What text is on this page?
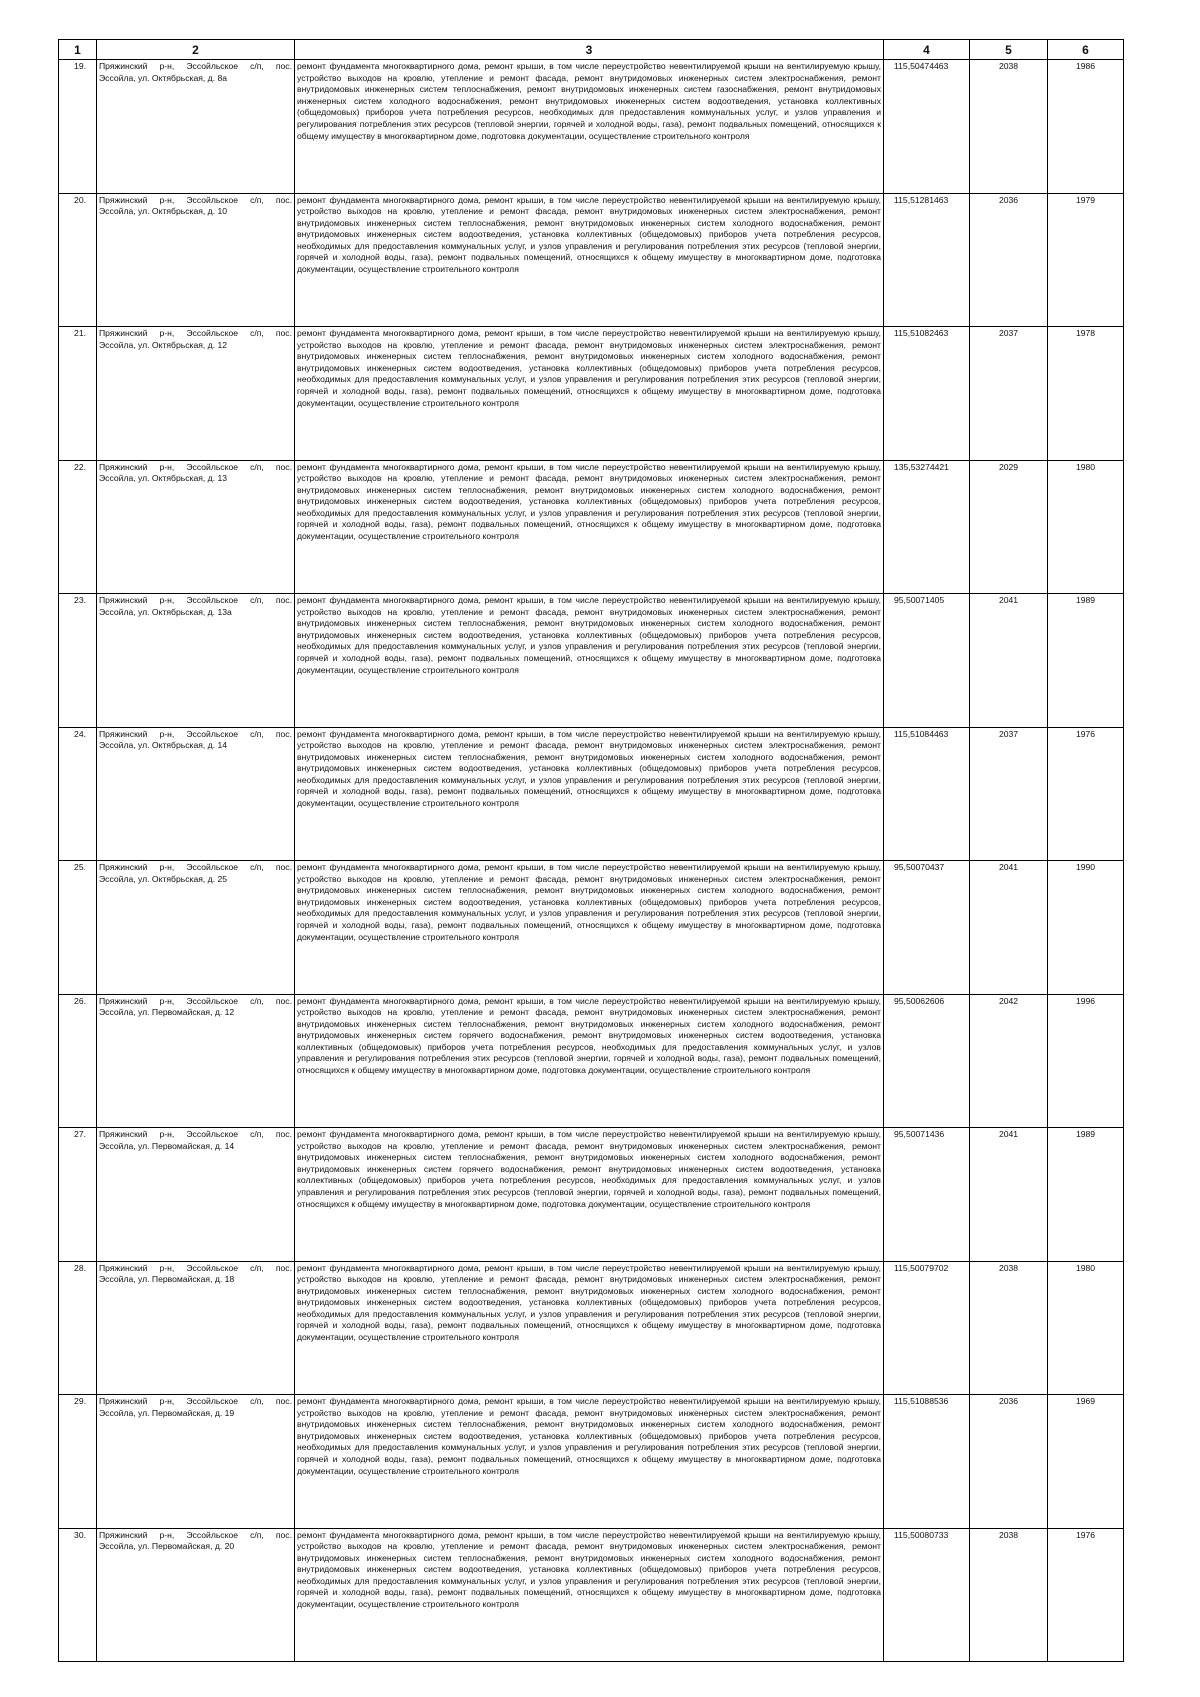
1	2	3	4	5	6
19.	Пряжинский р-н, Эссойльское с/п, пос. Эссойла, ул. Октябрьская, д. 8а	ремонт фундамента многоквартирного дома, ремонт крыши, в том числе переустройство невентилируемой крыши на вентилируемую крышу, устройство выходов на кровлю, утепление и ремонт фасада, ремонт внутридомовых инженерных систем электроснабжения, ремонт внутридомовых инженерных систем теплоснабжения, ремонт внутридомовых инженерных систем газоснабжения, ремонт внутридомовых инженерных систем холодного водоснабжения, ремонт внутридомовых инженерных систем водоотведения, установка коллективных (общедомовых) приборов учета потребления ресурсов, необходимых для предоставления коммунальных услуг, и узлов управления и регулирования потребления этих ресурсов (тепловой энергии, горячей и холодной воды, газа), ремонт подвальных помещений, относящихся к общему имуществу в многоквартирном доме, подготовка документации, осуществление строительного контроля	115,50474463	2038	1986
20.	Пряжинский р-н, Эссойльское с/п, пос. Эссойла, ул. Октябрьская, д. 10	ремонт фундамента многоквартирного дома, ремонт крыши, в том числе переустройство невентилируемой крыши на вентилируемую крышу, устройство выходов на кровлю, утепление и ремонт фасада, ремонт внутридомовых инженерных систем электроснабжения, ремонт внутридомовых инженерных систем теплоснабжения, ремонт внутридомовых инженерных систем холодного водоснабжения, ремонт внутридомовых инженерных систем водоотведения, установка коллективных (общедомовых) приборов учета потребления ресурсов, необходимых для предоставления коммунальных услуг, и узлов управления и регулирования потребления этих ресурсов (тепловой энергии, горячей и холодной воды, газа), ремонт подвальных помещений, относящихся к общему имуществу в многоквартирном доме, подготовка документации, осуществление строительного контроля	115,51281463	2036	1979
21.	Пряжинский р-н, Эссойльское с/п, пос. Эссойла, ул. Октябрьская, д. 12	ремонт фундамента многоквартирного дома, ремонт крыши, в том числе переустройство невентилируемой крыши на вентилируемую крышу, устройство выходов на кровлю, утепление и ремонт фасада, ремонт внутридомовых инженерных систем электроснабжения, ремонт внутридомовых инженерных систем теплоснабжения, ремонт внутридомовых инженерных систем холодного водоснабжения, ремонт внутридомовых инженерных систем водоотведения, установка коллективных (общедомовых) приборов учета потребления ресурсов, необходимых для предоставления коммунальных услуг, и узлов управления и регулирования потребления этих ресурсов (тепловой энергии, горячей и холодной воды, газа), ремонт подвальных помещений, относящихся к общему имуществу в многоквартирном доме, подготовка документации, осуществление строительного контроля	115,51082463	2037	1978
22.	Пряжинский р-н, Эссойльское с/п, пос. Эссойла, ул. Октябрьская, д. 13	ремонт фундамента многоквартирного дома, ремонт крыши, в том числе переустройство невентилируемой крыши на вентилируемую крышу, устройство выходов на кровлю, утепление и ремонт фасада, ремонт внутридомовых инженерных систем электроснабжения, ремонт внутридомовых инженерных систем теплоснабжения, ремонт внутридомовых инженерных систем холодного водоснабжения, ремонт внутридомовых инженерных систем водоотведения, установка коллективных (общедомовых) приборов учета потребления ресурсов, необходимых для предоставления коммунальных услуг, и узлов управления и регулирования потребления этих ресурсов (тепловой энергии, горячей и холодной воды, газа), ремонт подвальных помещений, относящихся к общему имуществу в многоквартирном доме, подготовка документации, осуществление строительного контроля	135,53274421	2029	1980
23.	Пряжинский р-н, Эссойльское с/п, пос. Эссойла, ул. Октябрьская, д. 13а	ремонт фундамента многоквартирного дома, ремонт крыши, в том числе переустройство невентилируемой крыши на вентилируемую крышу, устройство выходов на кровлю, утепление и ремонт фасада, ремонт внутридомовых инженерных систем электроснабжения, ремонт внутридомовых инженерных систем теплоснабжения, ремонт внутридомовых инженерных систем холодного водоснабжения, ремонт внутридомовых инженерных систем водоотведения, установка коллективных (общедомовых) приборов учета потребления ресурсов, необходимых для предоставления коммунальных услуг, и узлов управления и регулирования потребления этих ресурсов (тепловой энергии, горячей и холодной воды, газа), ремонт подвальных помещений, относящихся к общему имуществу в многоквартирном доме, подготовка документации, осуществление строительного контроля	95,50071405	2041	1989
24.	Пряжинский р-н, Эссойльское с/п, пос. Эссойла, ул. Октябрьская, д. 14	ремонт фундамента многоквартирного дома, ремонт крыши, в том числе переустройство невентилируемой крыши на вентилируемую крышу, устройство выходов на кровлю, утепление и ремонт фасада, ремонт внутридомовых инженерных систем электроснабжения, ремонт внутридомовых инженерных систем теплоснабжения, ремонт внутридомовых инженерных систем холодного водоснабжения, ремонт внутридомовых инженерных систем водоотведения, установка коллективных (общедомовых) приборов учета потребления ресурсов, необходимых для предоставления коммунальных услуг, и узлов управления и регулирования потребления этих ресурсов (тепловой энергии, горячей и холодной воды, газа), ремонт подвальных помещений, относящихся к общему имуществу в многоквартирном доме, подготовка документации, осуществление строительного контроля	115,51084463	2037	1976
25.	Пряжинский р-н, Эссойльское с/п, пос. Эссойла, ул. Октябрьская, д. 25	ремонт фундамента многоквартирного дома, ремонт крыши, в том числе переустройство невентилируемой крыши на вентилируемую крышу, устройство выходов на кровлю, утепление и ремонт фасада, ремонт внутридомовых инженерных систем электроснабжения, ремонт внутридомовых инженерных систем теплоснабжения, ремонт внутридомовых инженерных систем холодного водоснабжения, ремонт внутридомовых инженерных систем водоотведения, установка коллективных (общедомовых) приборов учета потребления ресурсов, необходимых для предоставления коммунальных услуг, и узлов управления и регулирования потребления этих ресурсов (тепловой энергии, горячей и холодной воды, газа), ремонт подвальных помещений, относящихся к общему имуществу в многоквартирном доме, подготовка документации, осуществление строительного контроля	95,50070437	2041	1990
26.	Пряжинский р-н, Эссойльское с/п, пос. Эссойла, ул. Первомайская, д. 12	ремонт фундамента многоквартирного дома, ремонт крыши, в том числе переустройство невентилируемой крыши на вентилируемую крышу, устройство выходов на кровлю, утепление и ремонт фасада, ремонт внутридомовых инженерных систем электроснабжения, ремонт внутридомовых инженерных систем теплоснабжения, ремонт внутридомовых инженерных систем холодного водоснабжения, ремонт внутридомовых инженерных систем горячего водоснабжения, ремонт внутридомовых инженерных систем водоотведения, установка коллективных (общедомовых) приборов учета потребления ресурсов, необходимых для предоставления коммунальных услуг, и узлов управления и регулирования потребления этих ресурсов (тепловой энергии, горячей и холодной воды, газа), ремонт подвальных помещений, относящихся к общему имуществу в многоквартирном доме, подготовка документации, осуществление строительного контроля	95,50062606	2042	1996
27.	Пряжинский р-н, Эссойльское с/п, пос. Эссойла, ул. Первомайская, д. 14	ремонт фундамента многоквартирного дома, ремонт крыши, в том числе переустройство невентилируемой крыши на вентилируемую крышу, устройство выходов на кровлю, утепление и ремонт фасада, ремонт внутридомовых инженерных систем электроснабжения, ремонт внутридомовых инженерных систем теплоснабжения, ремонт внутридомовых инженерных систем холодного водоснабжения, ремонт внутридомовых инженерных систем горячего водоснабжения, ремонт внутридомовых инженерных систем водоотведения, установка коллективных (общедомовых) приборов учета потребления ресурсов, необходимых для предоставления коммунальных услуг, и узлов управления и регулирования потребления этих ресурсов (тепловой энергии, горячей и холодной воды, газа), ремонт подвальных помещений, относящихся к общему имуществу в многоквартирном доме, подготовка документации, осуществление строительного контроля	95,50071436	2041	1989
28.	Пряжинский р-н, Эссойльское с/п, пос. Эссойла, ул. Первомайская, д. 18	ремонт фундамента многоквартирного дома, ремонт крыши, в том числе переустройство невентилируемой крыши на вентилируемую крышу, устройство выходов на кровлю, утепление и ремонт фасада, ремонт внутридомовых инженерных систем электроснабжения, ремонт внутридомовых инженерных систем теплоснабжения, ремонт внутридомовых инженерных систем холодного водоснабжения, ремонт внутридомовых инженерных систем водоотведения, установка коллективных (общедомовых) приборов учета потребления ресурсов, необходимых для предоставления коммунальных услуг, и узлов управления и регулирования потребления этих ресурсов (тепловой энергии, горячей и холодной воды, газа), ремонт подвальных помещений, относящихся к общему имуществу в многоквартирном доме, подготовка документации, осуществление строительного контроля	115,50079702	2038	1980
29.	Пряжинский р-н, Эссойльское с/п, пос. Эссойла, ул. Первомайская, д. 19	ремонт фундамента многоквартирного дома, ремонт крыши, в том числе переустройство невентилируемой крыши на вентилируемую крышу, устройство выходов на кровлю, утепление и ремонт фасада, ремонт внутридомовых инженерных систем электроснабжения, ремонт внутридомовых инженерных систем теплоснабжения, ремонт внутридомовых инженерных систем холодного водоснабжения, ремонт внутридомовых инженерных систем водоотведения, установка коллективных (общедомовых) приборов учета потребления ресурсов, необходимых для предоставления коммунальных услуг, и узлов управления и регулирования потребления этих ресурсов (тепловой энергии, горячей и холодной воды, газа), ремонт подвальных помещений, относящихся к общему имуществу в многоквартирном доме, подготовка документации, осуществление строительного контроля	115,51088536	2036	1969
30.	Пряжинский р-н, Эссойльское с/п, пос. Эссойла, ул. Первомайская, д. 20	ремонт фундамента многоквартирного дома, ремонт крыши, в том числе переустройство невентилируемой крыши на вентилируемую крышу, устройство выходов на кровлю, утепление и ремонт фасада, ремонт внутридомовых инженерных систем электроснабжения, ремонт внутридомовых инженерных систем теплоснабжения, ремонт внутридомовых инженерных систем холодного водоснабжения, ремонт внутридомовых инженерных систем водоотведения, установка коллективных (общедомовых) приборов учета потребления ресурсов, необходимых для предоставления коммунальных услуг, и узлов управления и регулирования потребления этих ресурсов (тепловой энергии, горячей и холодной воды, газа), ремонт подвальных помещений, относящихся к общему имуществу в многоквартирном доме, подготовка документации, осуществление строительного контроля	115,50080733	2038	1976
